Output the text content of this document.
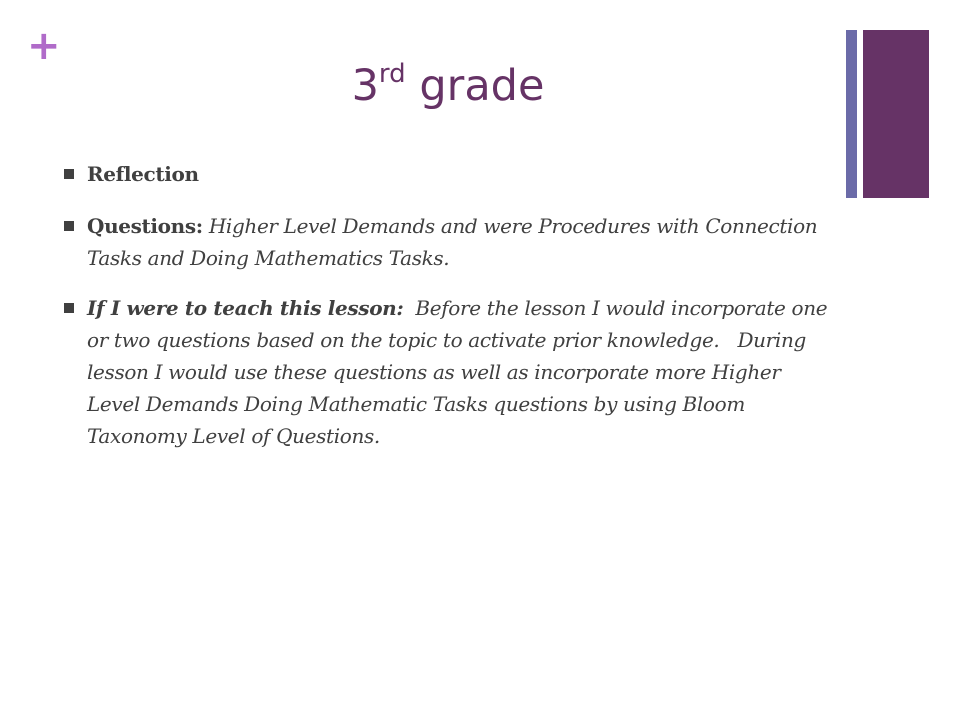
+
3rd grade
Reflection
Questions: Higher Level Demands and were Procedures with Connection Tasks and Doing Mathematics Tasks.
If I were to teach this lesson:  Before the lesson I would incorporate one or two questions based on the topic to activate prior knowledge.   During lesson I would use these questions as well as incorporate more Higher Level Demands Doing Mathematic Tasks questions by using Bloom Taxonomy Level of Questions.
